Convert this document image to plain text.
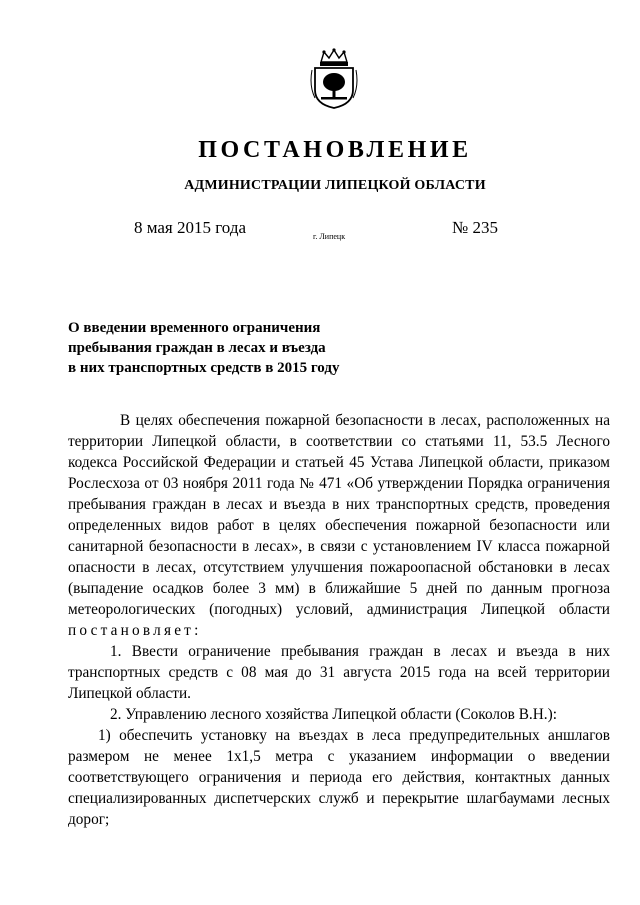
ПОСТАНОВЛЕНИЕ
АДМИНИСТРАЦИИ ЛИПЕЦКОЙ ОБЛАСТИ
8 мая 2015 года	г. Липецк	№ 235
О введении временного ограничения
пребывания граждан в лесах и въезда
в них транспортных средств в 2015 году

В целях обеспечения пожарной безопасности в лесах, расположенных на территории Липецкой области, в соответствии со статьями 11, 53.5 Лесного кодекса Российской Федерации и статьей 45 Устава Липецкой области, приказом Рослесхоза от 03 ноября 2011 года № 471 «Об утверждении Порядка ограничения пребывания граждан в лесах и въезда в них транспортных средств, проведения определенных видов работ в целях обеспечения пожарной безопасности или санитарной безопасности в лесах», в связи с установлением IV класса пожарной опасности в лесах, отсутствием улучшения пожароопасной обстановки в лесах (выпадение осадков более 3 мм) в ближайшие 5 дней по данным прогноза метеорологических (погодных) условий, администрация Липецкой области постановляет:

1. Ввести ограничение пребывания граждан в лесах и въезда в них транспортных средств с 08 мая до 31 августа 2015 года на всей территории Липецкой области.

2. Управлению лесного хозяйства Липецкой области (Соколов В.Н.):

1) обеспечить установку на въездах в леса предупредительных аншлагов размером не менее 1х1,5 метра с указанием информации о введении соответствующего ограничения и периода его действия, контактных данных специализированных диспетчерских служб и перекрытие шлагбаумами лесных дорог;
